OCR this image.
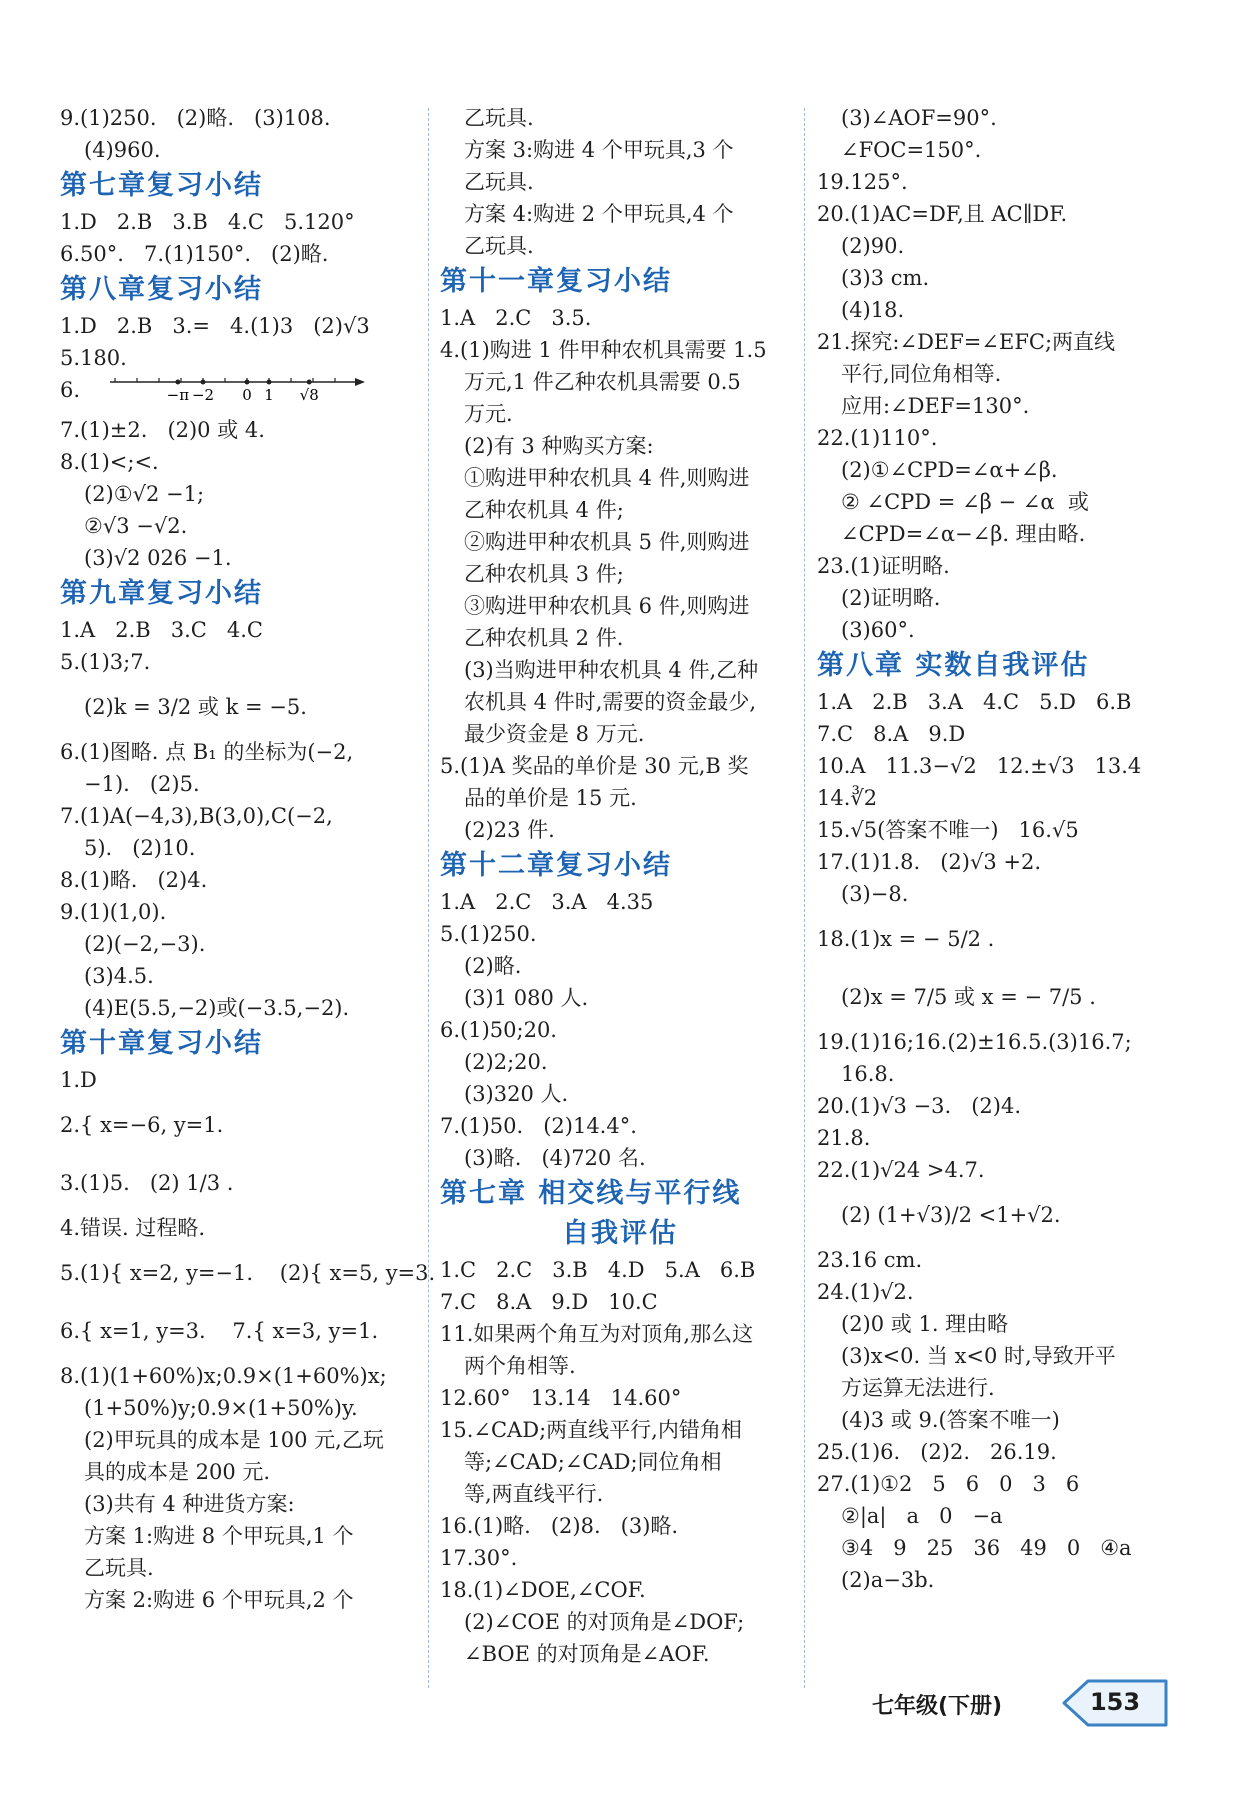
9.(1)250.   (2)略.   (3)108.
(4)960.
第七章复习小结
1.D   2.B   3.B   4.C   5.120°
6.50°.   7.(1)150°.   (2)略.
第八章复习小结
1.D   2.B   3.=   4.(1)3   (2)√3
5.180.
6.	−π −2 0 1 √8
7.(1)±2.   (2)0 或 4.
8.(1)<;<.
(2)①√2 −1;
②√3 −√2.
(3)√2 026 −1.
第九章复习小结
1.A   2.B   3.C   4.C
5.(1)3;7.
(2)k = 3/2 或 k = −5.
6.(1)图略. 点 B₁ 的坐标为(−2,
−1).   (2)5.
7.(1)A(−4,3),B(3,0),C(−2,
5).   (2)10.
8.(1)略.   (2)4.
9.(1)(1,0).
(2)(−2,−3).
(3)4.5.
(4)E(5.5,−2)或(−3.5,−2).
第十章复习小结
1.D
2.{ x=−6, y=1.
3.(1)5.   (2) 1/3 .
4.错误. 过程略.
5.(1){ x=2, y=−1.    (2){ x=5, y=3.
6.{ x=1, y=3.    7.{ x=3, y=1.
8.(1)(1+60%)x;0.9×(1+60%)x;
(1+50%)y;0.9×(1+50%)y.
(2)甲玩具的成本是 100 元,乙玩
具的成本是 200 元.
(3)共有 4 种进货方案:
方案 1:购进 8 个甲玩具,1 个
乙玩具.
方案 2:购进 6 个甲玩具,2 个
乙玩具.
方案 3:购进 4 个甲玩具,3 个
乙玩具.
方案 4:购进 2 个甲玩具,4 个
乙玩具.
第十一章复习小结
1.A   2.C   3.5.
4.(1)购进 1 件甲种农机具需要 1.5
万元,1 件乙种农机具需要 0.5
万元.
(2)有 3 种购买方案:
①购进甲种农机具 4 件,则购进
乙种农机具 4 件;
②购进甲种农机具 5 件,则购进
乙种农机具 3 件;
③购进甲种农机具 6 件,则购进
乙种农机具 2 件.
(3)当购进甲种农机具 4 件,乙种
农机具 4 件时,需要的资金最少,
最少资金是 8 万元.
5.(1)A 奖品的单价是 30 元,B 奖
品的单价是 15 元.
(2)23 件.
第十二章复习小结
1.A   2.C   3.A   4.35
5.(1)250.
(2)略.
(3)1 080 人.
6.(1)50;20.
(2)2;20.
(3)320 人.
7.(1)50.   (2)14.4°.
(3)略.   (4)720 名.
第七章 相交线与平行线
自我评估
1.C   2.C   3.B   4.D   5.A   6.B
7.C   8.A   9.D   10.C
11.如果两个角互为对顶角,那么这
两个角相等.
12.60°   13.14   14.60°
15.∠CAD;两直线平行,内错角相
等;∠CAD;∠CAD;同位角相
等,两直线平行.
16.(1)略.   (2)8.   (3)略.
17.30°.
18.(1)∠DOE,∠COF.
(2)∠COE 的对顶角是∠DOF;
∠BOE 的对顶角是∠AOF.
(3)∠AOF=90°.
∠FOC=150°.
19.125°.
20.(1)AC=DF,且 AC∥DF.
(2)90.
(3)3 cm.
(4)18.
21.探究:∠DEF=∠EFC;两直线
平行,同位角相等.
应用:∠DEF=130°.
22.(1)110°.
(2)①∠CPD=∠α+∠β.
② ∠CPD = ∠β − ∠α  或
∠CPD=∠α−∠β. 理由略.
23.(1)证明略.
(2)证明略.
(3)60°.
第八章 实数自我评估
1.A   2.B   3.A   4.C   5.D   6.B
7.C   8.A   9.D
10.A   11.3−√2   12.±√3   13.4
14.∛2
15.√5(答案不唯一)   16.√5
17.(1)1.8.   (2)√3 +2.
(3)−8.
18.(1)x = − 5/2 .
(2)x = 7/5 或 x = − 7/5 .
19.(1)16;16.(2)±16.5.(3)16.7;
16.8.
20.(1)√3 −3.   (2)4.
21.8.
22.(1)√24 >4.7.
(2) (1+√3)/2 <1+√2.
23.16 cm.
24.(1)√2.
(2)0 或 1. 理由略
(3)x<0. 当 x<0 时,导致开平
方运算无法进行.
(4)3 或 9.(答案不唯一)
25.(1)6.   (2)2.   26.19.
27.(1)①2   5   6   0   3   6
②|a|   a   0   −a
③4   9   25   36   49   0   ④a
(2)a−3b.
七年级(下册)	153
